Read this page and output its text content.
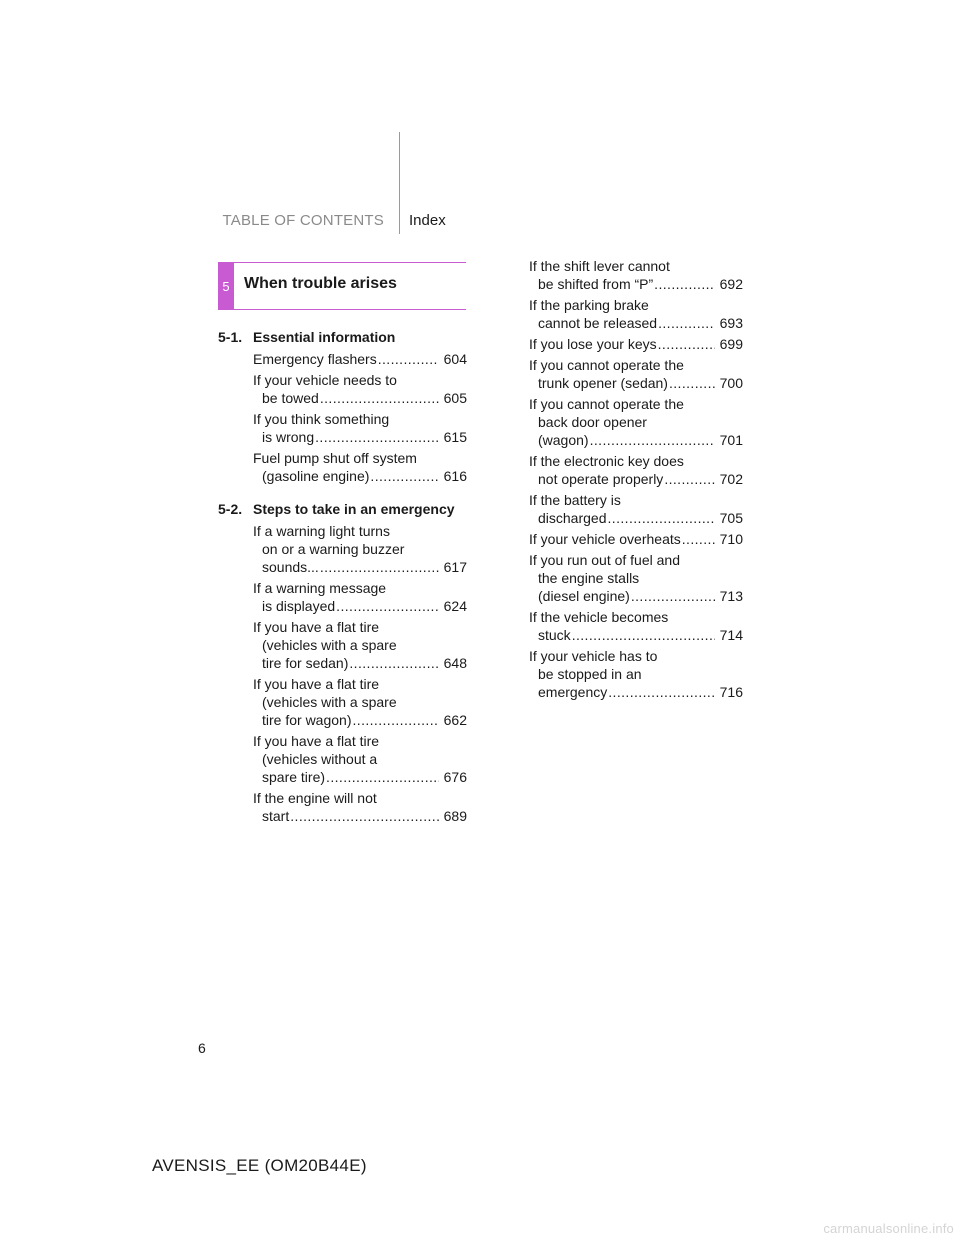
TABLE OF CONTENTS Index
5 When trouble arises
5-1. Essential information
Emergency flashers .....	604
If your vehicle needs to
be towed .....	605
If you think something
is wrong .....	615
Fuel pump shut off system
(gasoline engine) .....	616
5-2. Steps to take in an emergency
If a warning light turns
on or a warning buzzer
sounds... .....	617
If a warning message
is displayed .....	624
If you have a flat tire
(vehicles with a spare
tire for sedan) .....	648
If you have a flat tire
(vehicles with a spare
tire for wagon) .....	662
If you have a flat tire
(vehicles without a
spare tire) .....	676
If the engine will not
start .....	689
If the shift lever cannot
be shifted from “P” .....	692
If the parking brake
cannot be released .....	693
If you lose your keys .....	699
If you cannot operate the
trunk opener (sedan) .....	700
If you cannot operate the
back door opener
(wagon) .....	701
If the electronic key does
not operate properly .....	702
If the battery is
discharged .....	705
If your vehicle overheats .....	710
If you run out of fuel and
the engine stalls
(diesel engine) .....	713
If the vehicle becomes
stuck .....	714
If your vehicle has to
be stopped in an
emergency .....	716
6
AVENSIS_EE (OM20B44E)
carmanualsonline.info
